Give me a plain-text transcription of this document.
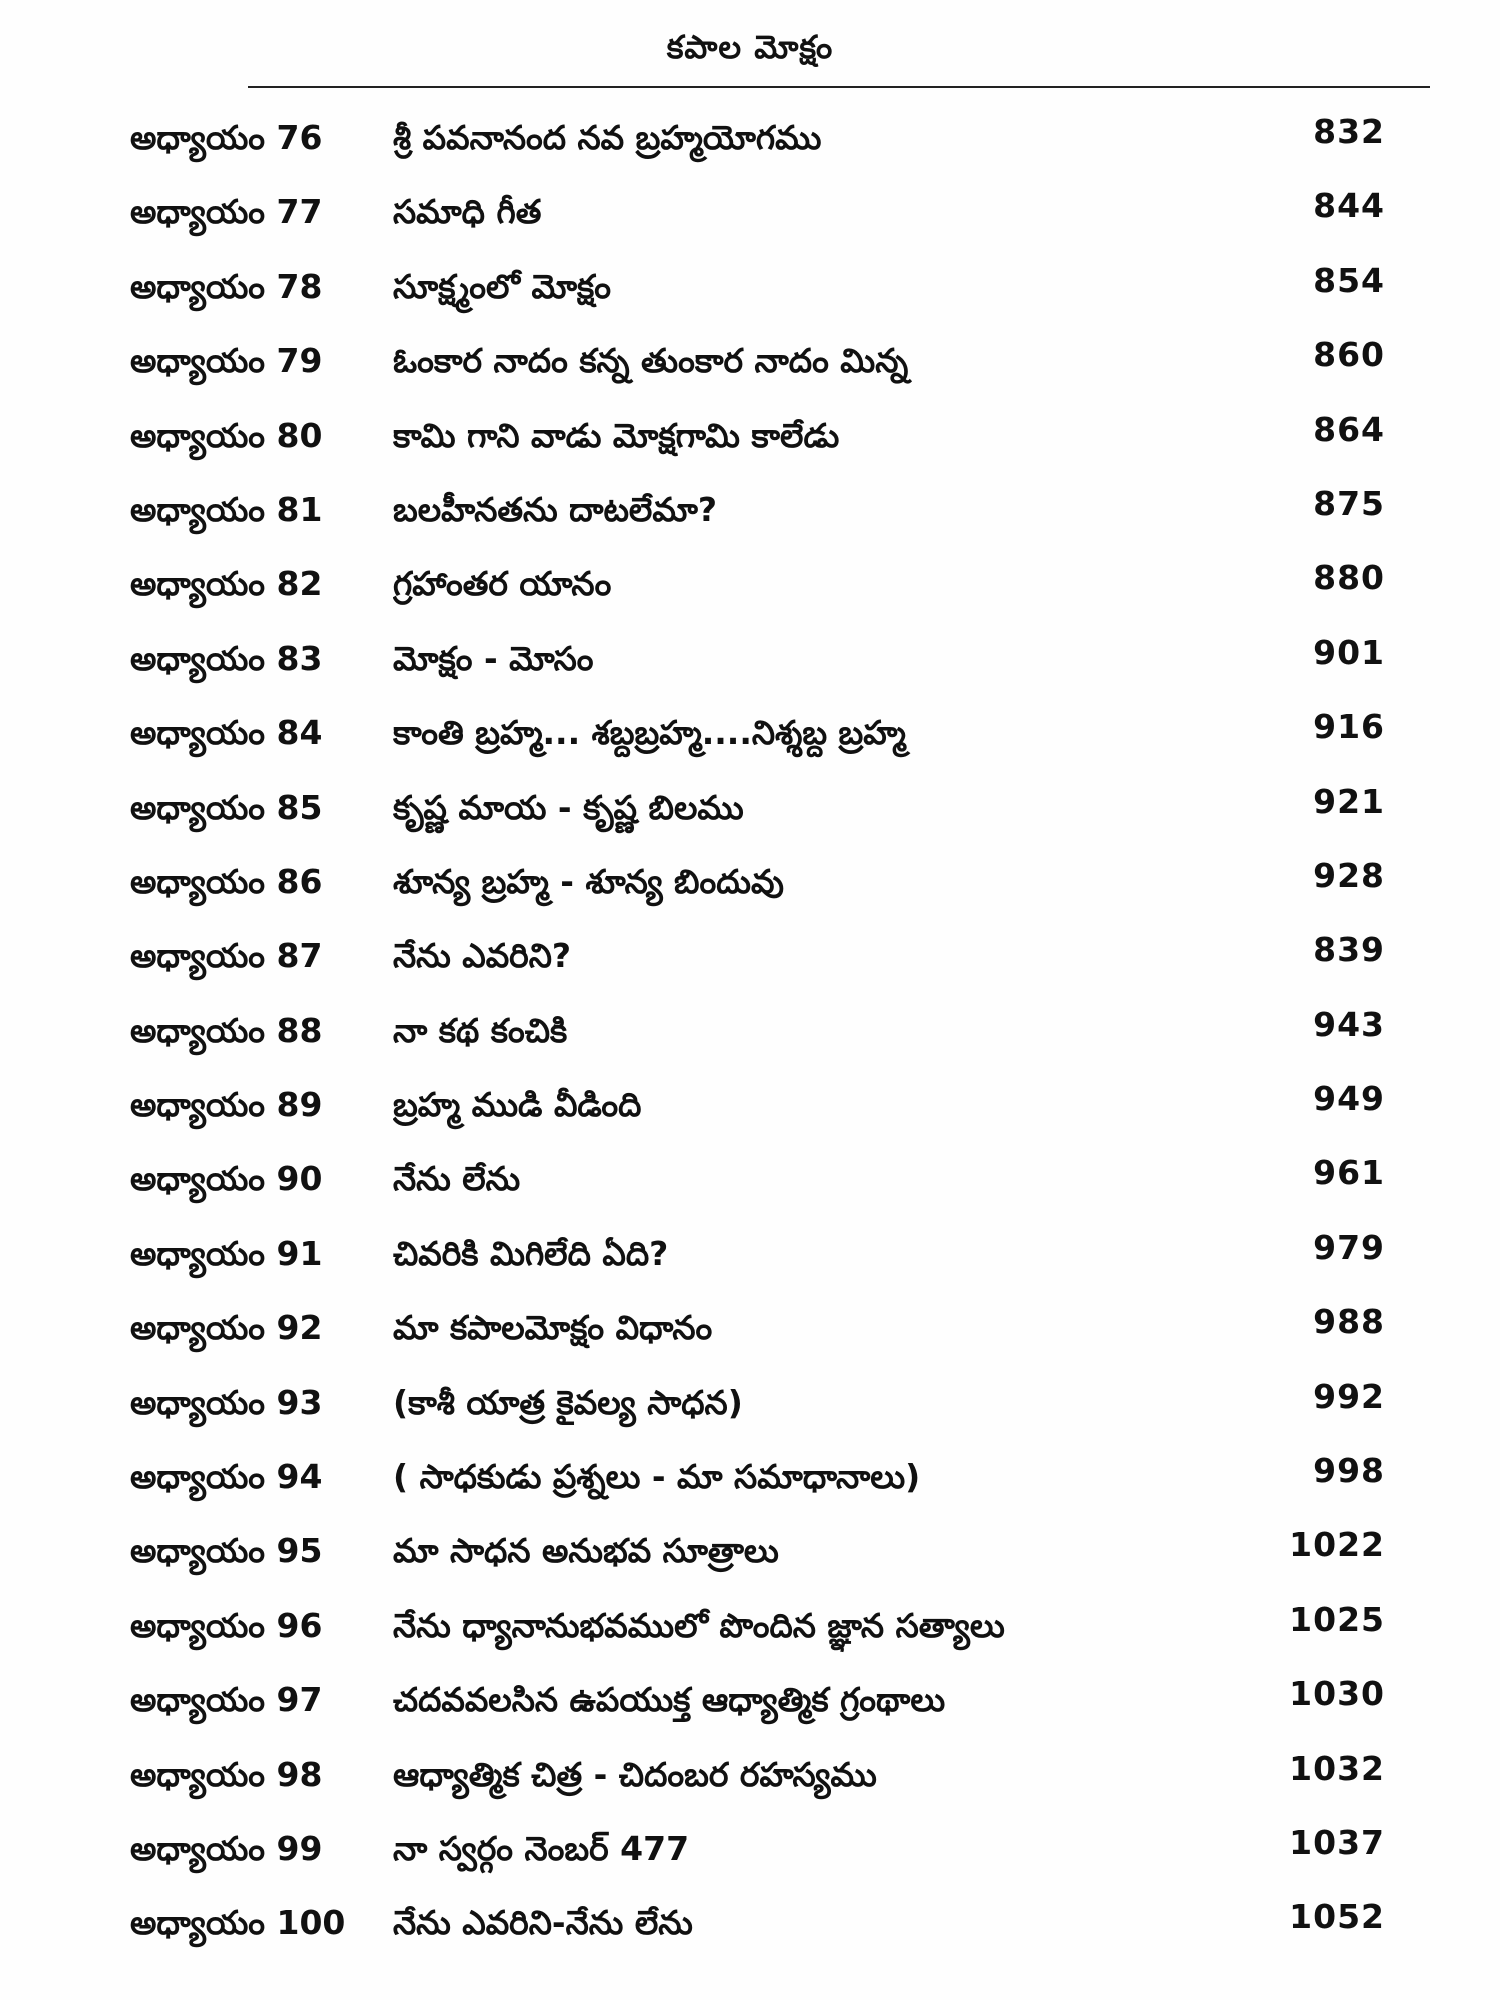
కపాల మోక్షం
అధ్యాయం 76 శ్రీ పవనానంద నవ బ్రహ్మయోగము	832
అధ్యాయం 77 సమాధి గీత	844
అధ్యాయం 78 సూక్ష్మంలో మోక్షం	854
అధ్యాయం 79 ఓంకార నాదం కన్న తుంకార నాదం మిన్న	860
అధ్యాయం 80 కామి గాని వాడు మోక్షగామి కాలేడు	864
అధ్యాయం 81 బలహీనతను దాటలేమా?	875
అధ్యాయం 82 గ్రహాంతర యానం	880
అధ్యాయం 83 మోక్షం - మోసం	901
అధ్యాయం 84 కాంతి బ్రహ్మ... శబ్దబ్రహ్మ....నిశ్శబ్ద బ్రహ్మ	916
అధ్యాయం 85 కృష్ణ మాయ - కృష్ణ బిలము	921
అధ్యాయం 86 శూన్య బ్రహ్మ - శూన్య బిందువు	928
అధ్యాయం 87 నేను ఎవరిని?	839
అధ్యాయం 88 నా కథ కంచికి	943
అధ్యాయం 89 బ్రహ్మ ముడి వీడింది	949
అధ్యాయం 90 నేను లేను	961
అధ్యాయం 91 చివరికి మిగిలేది ఏది?	979
అధ్యాయం 92 మా కపాలమోక్షం విధానం	988
అధ్యాయం 93 (కాశీ యాత్ర కైవల్య సాధన)	992
అధ్యాయం 94 ( సాధకుడు ప్రశ్నలు - మా సమాధానాలు)	998
అధ్యాయం 95 మా సాధన అనుభవ సూత్రాలు	1022
అధ్యాయం 96 నేను ధ్యానానుభవములో పొందిన జ్ఞాన సత్యాలు	1025
అధ్యాయం 97 చదవవలసిన ఉపయుక్త ఆధ్యాత్మిక గ్రంథాలు	1030
అధ్యాయం 98 ఆధ్యాత్మిక చిత్ర - చిదంబర రహస్యము	1032
అధ్యాయం 99 నా స్వర్గం నెంబర్ 477	1037
అధ్యాయం 100 నేను ఎవరిని-నేను లేను	1052
